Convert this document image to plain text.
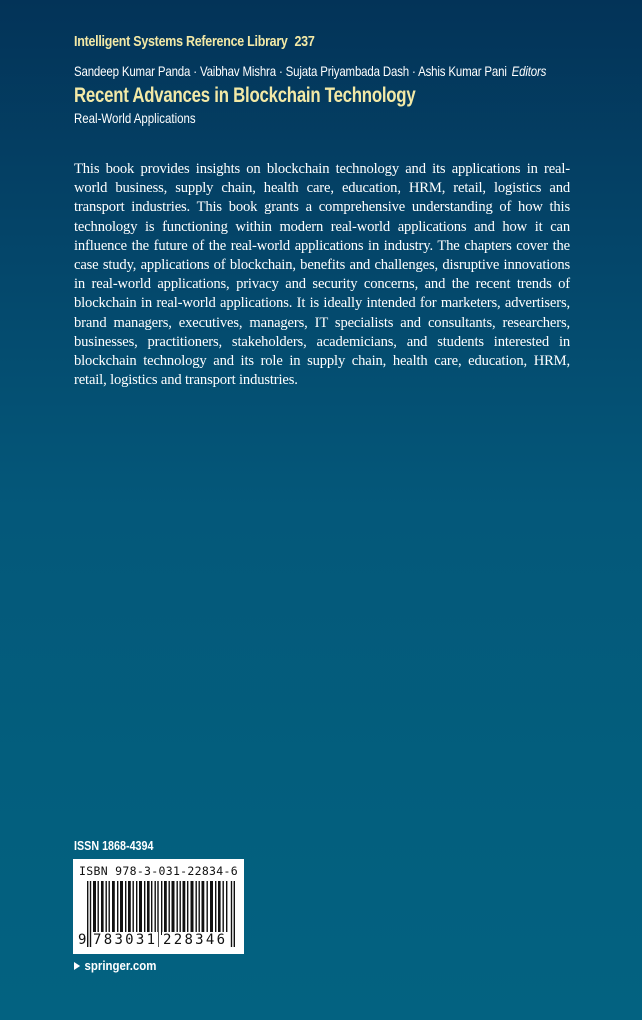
Intelligent Systems Reference Library 237
Sandeep Kumar Panda · Vaibhav Mishra · Sujata Priyambada Dash · Ashis Kumar Pani Editors
Recent Advances in Blockchain Technology
Real-World Applications

This book provides insights on blockchain technology and its applications in real-world business, supply chain, health care, education, HRM, retail, logistics and transport industries. This book grants a comprehensive understanding of how this technology is functioning within modern real-world applications and how it can influence the future of the real-world applications in industry. The chapters cover the case study, applications of blockchain, benefits and challenges, disruptive innovations in real-world applications, privacy and security concerns, and the recent trends of blockchain in real-world applications. It is ideally intended for marketers, advertisers, brand managers, executives, managers, IT specialists and consultants, researchers, businesses, practitioners, stakeholders, academicians, and students interested in blockchain technology and its role in supply chain, health care, education, HRM, retail, logistics and transport industries.

ISSN 1868-4394
ISBN 978-3-031-22834-6
9 783031 228346
springer.com
